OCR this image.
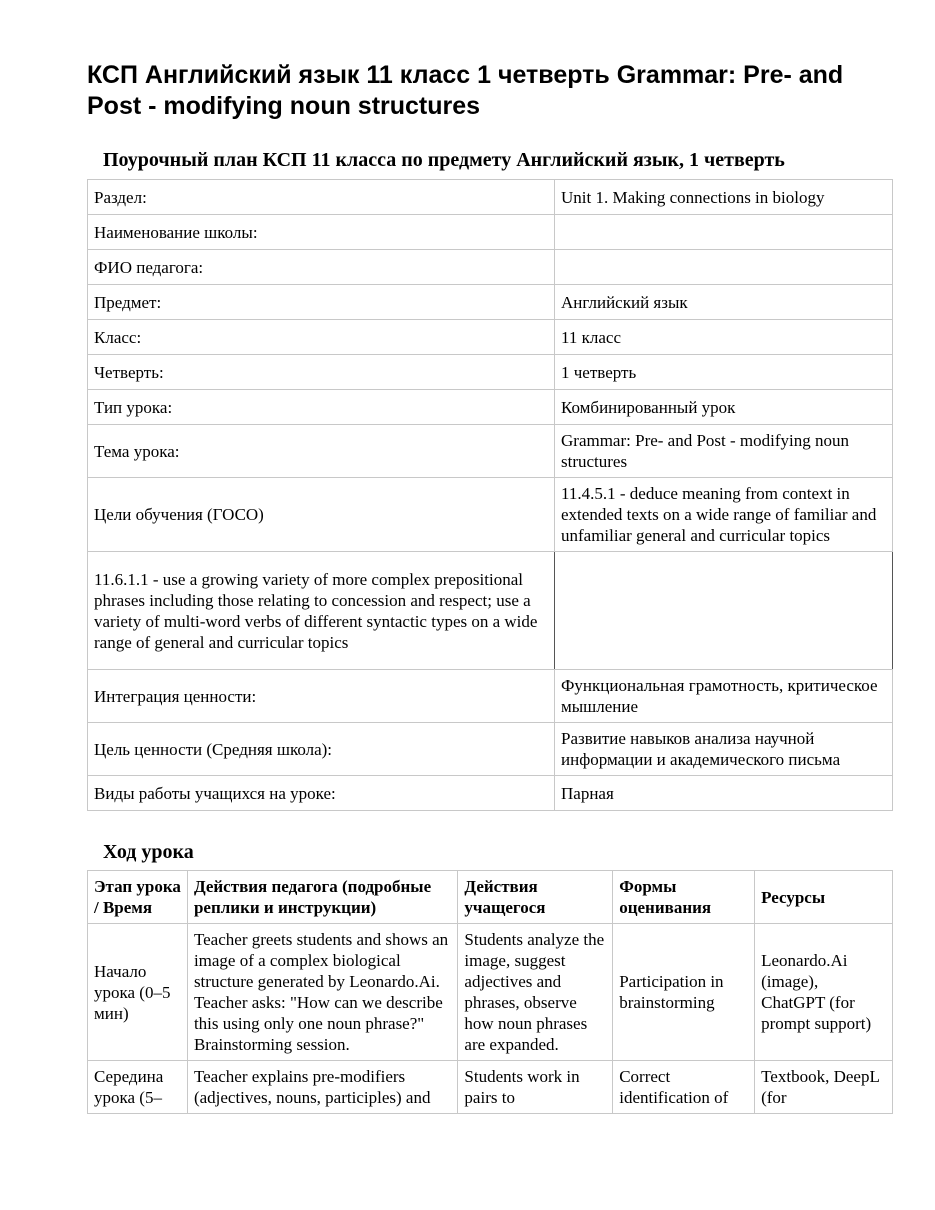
КСП Английский язык 11 класс 1 четверть Grammar: Pre- and Post - modifying noun structures
Поурочный план КСП 11 класса по предмету Английский язык, 1 четверть
Раздел:	Unit 1. Making connections in biology
Наименование школы:	
ФИО педагога:	
Предмет:	Английский язык
Класс:	11 класс
Четверть:	1 четверть
Тип урока:	Комбинированный урок
Тема урока:	Grammar: Pre- and Post - modifying noun structures
Цели обучения (ГОСО)	11.4.5.1 - deduce meaning from context in extended texts on a wide range of familiar and unfamiliar general and curricular topics
11.6.1.1 - use a growing variety of more complex prepositional phrases including those relating to concession and respect; use a variety of multi-word verbs of different syntactic types on a wide range of general and curricular topics	
Интеграция ценности:	Функциональная грамотность, критическое мышление
Цель ценности (Средняя школа):	Развитие навыков анализа научной информации и академического письма
Виды работы учащихся на уроке:	Парная
Ход урока
Этап урока / Время	Действия педагога (подробные реплики и инструкции)	Действия учащегося	Формы оценивания	Ресурсы
Начало урока (0–5 мин)	Teacher greets students and shows an image of a complex biological structure generated by Leonardo.Ai. Teacher asks: "How can we describe this using only one noun phrase?" Brainstorming session.	Students analyze the image, suggest adjectives and phrases, observe how noun phrases are expanded.	Participation in brainstorming	Leonardo.Ai (image), ChatGPT (for prompt support)
Середина урока (5–	Teacher explains pre-modifiers (adjectives, nouns, participles) and	Students work in pairs to	Correct identification of	Textbook, DeepL (for
